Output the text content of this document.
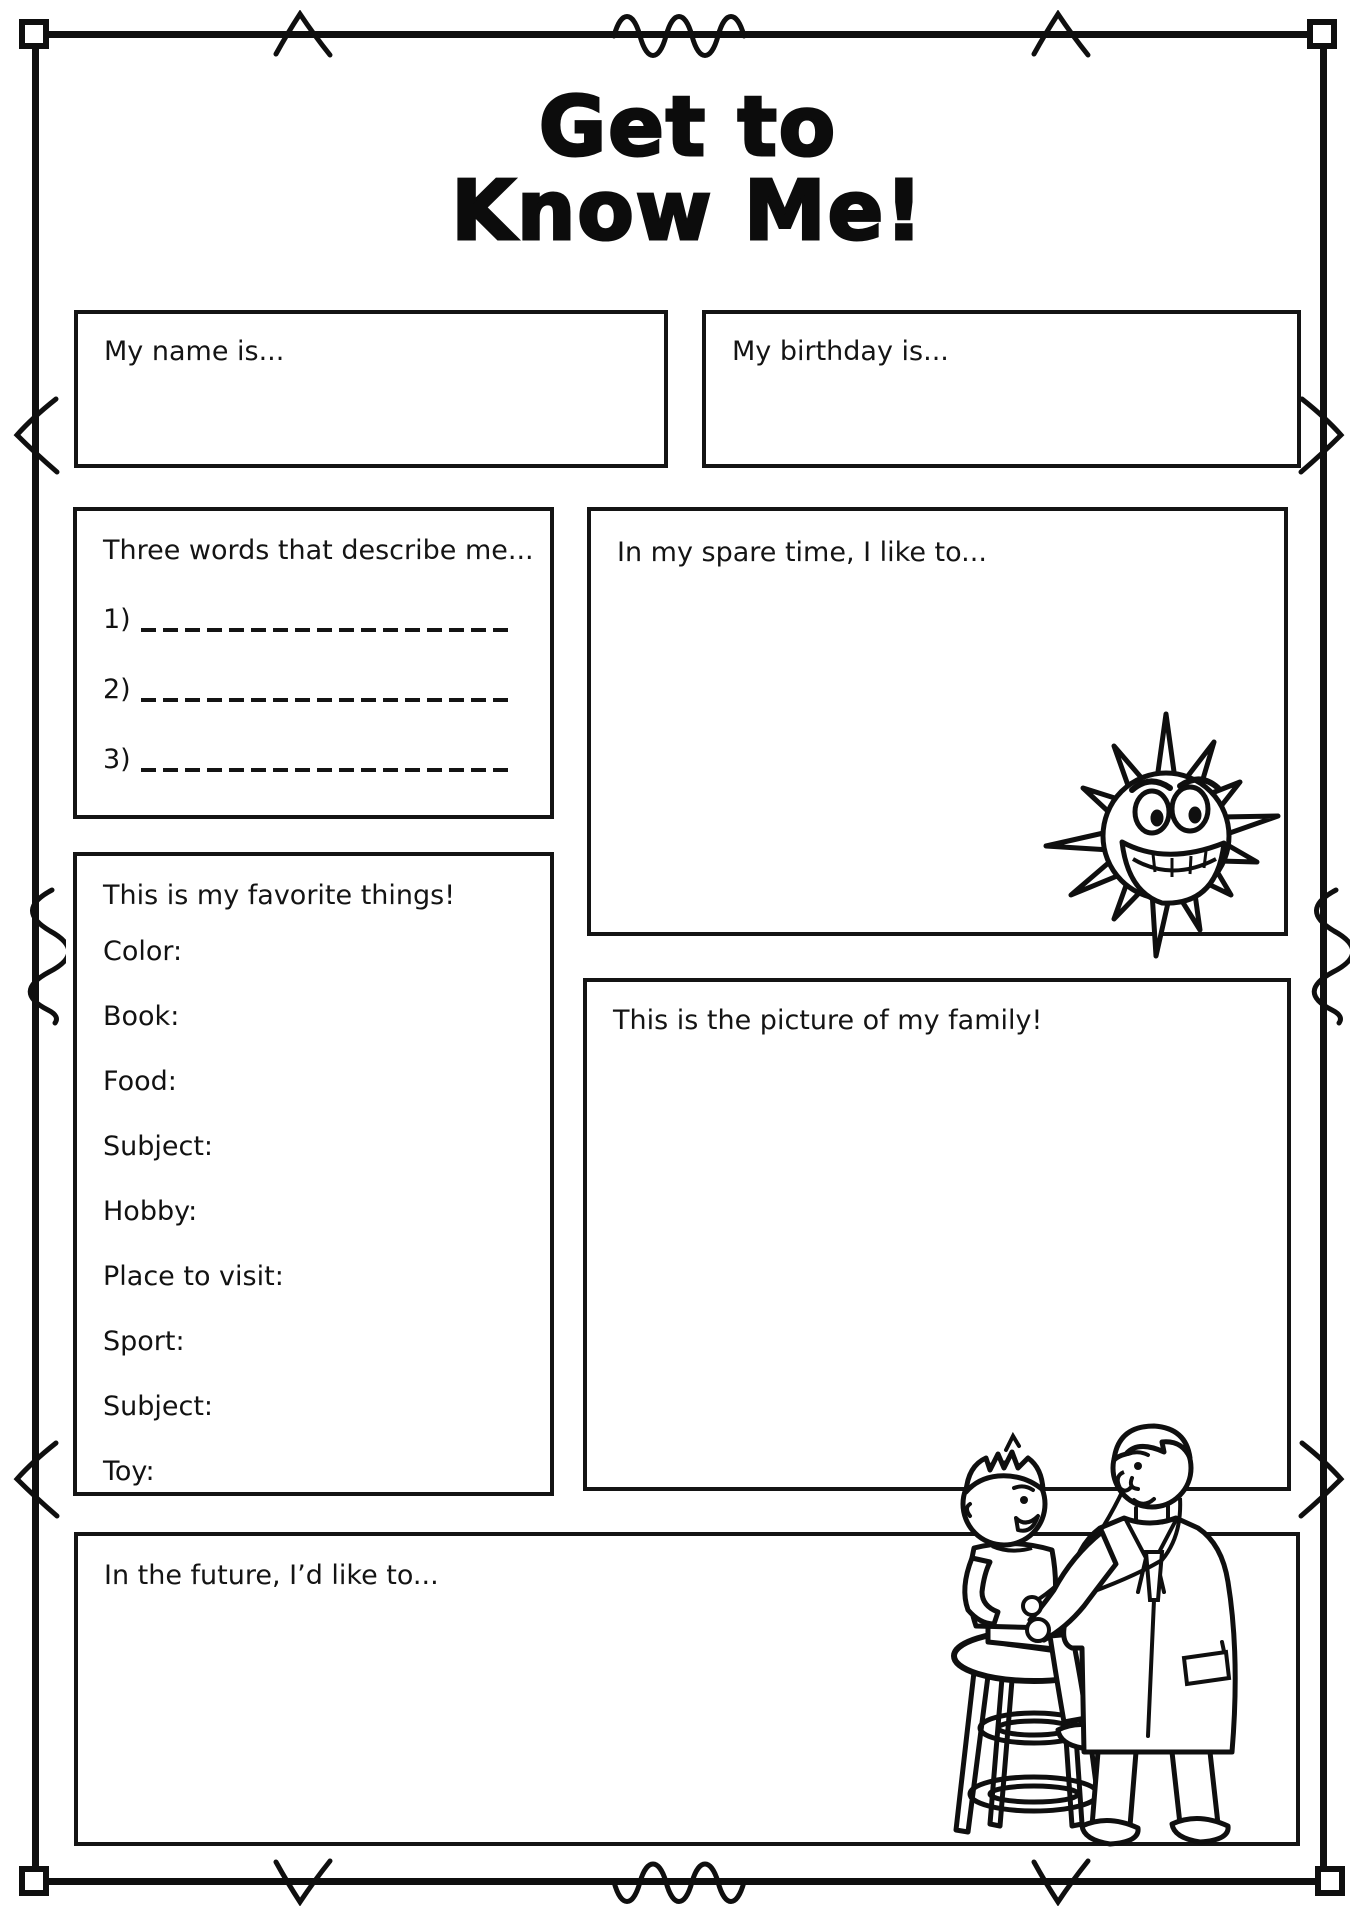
Get to
Know Me!
My name is...	My birthday is...
Three words that describe me...
1)
2)
3)
In my spare time, I like to...
This is my favorite things!
Color:
Book:
Food:
Subject:
Hobby:
Place to visit:
Sport:
Subject:
Toy:
This is the picture of my family!
In the future, I’d like to...
